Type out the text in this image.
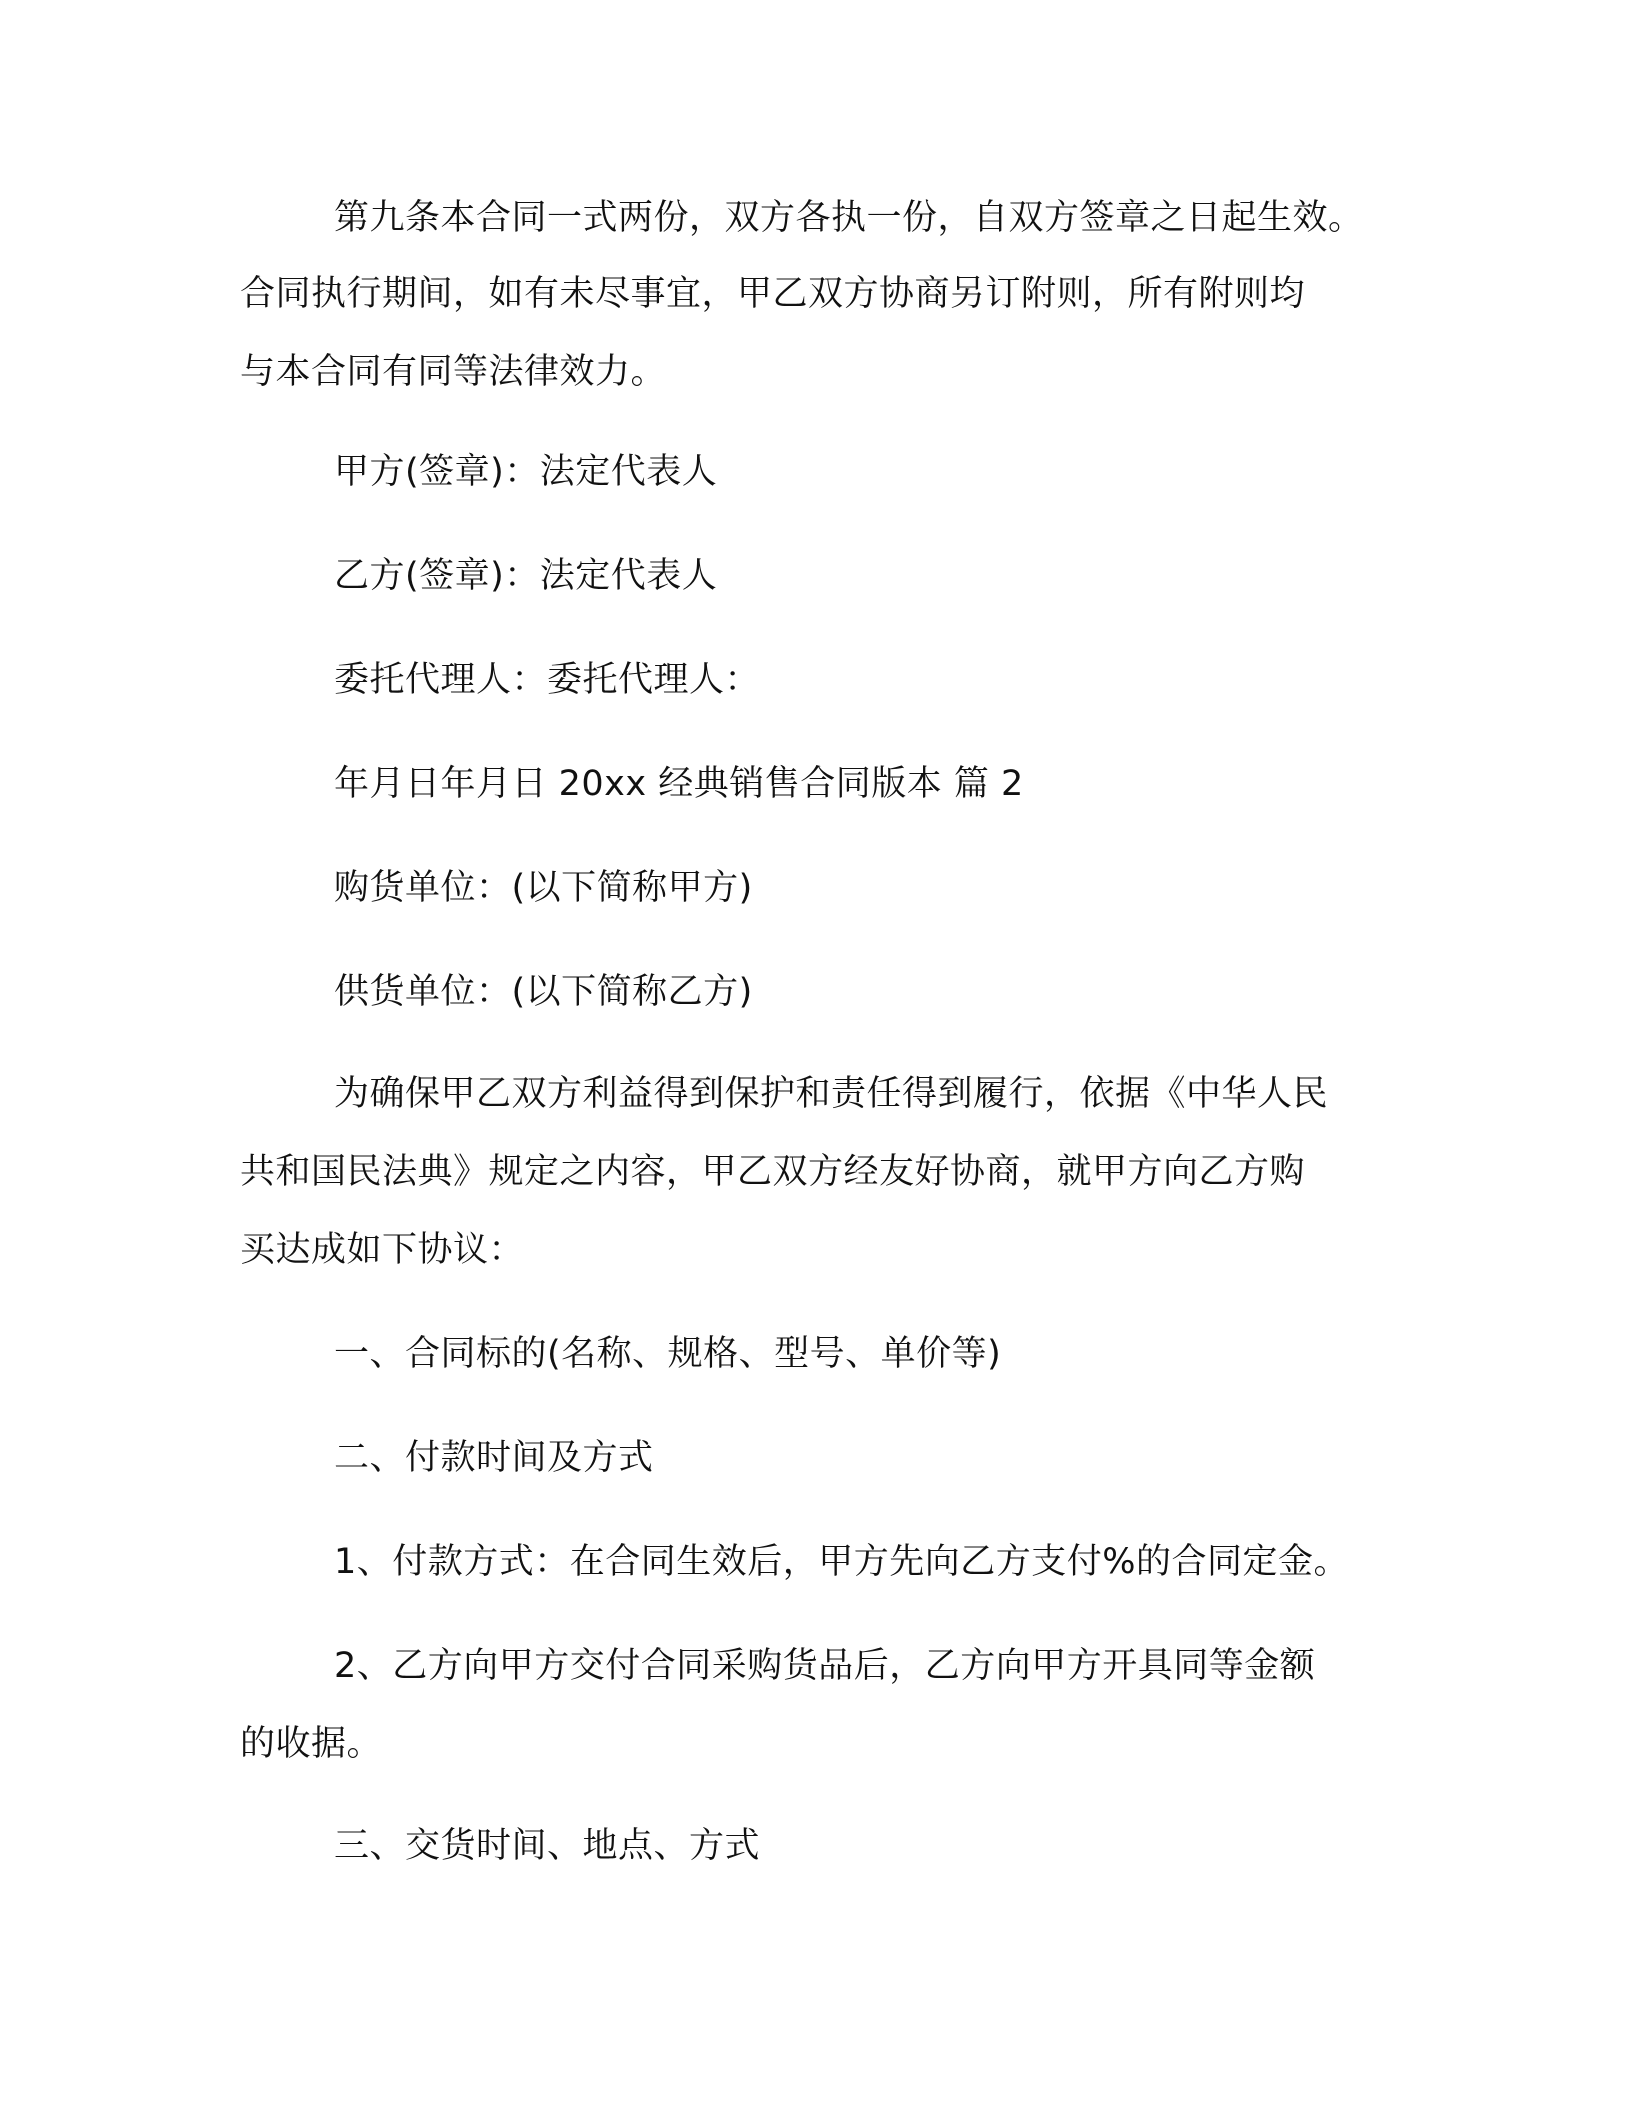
第九条本合同一式两份，双方各执一份，自双方签章之日起生效。
合同执行期间，如有未尽事宜，甲乙双方协商另订附则，所有附则均
与本合同有同等法律效力。
甲方(签章)：法定代表人
乙方(签章)：法定代表人
委托代理人：委托代理人：
年月日年月日 20xx 经典销售合同版本 篇 2
购货单位：(以下简称甲方)
供货单位：(以下简称乙方)
为确保甲乙双方利益得到保护和责任得到履行，依据《中华人民
共和国民法典》规定之内容，甲乙双方经友好协商，就甲方向乙方购
买达成如下协议：
一、合同标的(名称、规格、型号、单价等)
二、付款时间及方式
1、付款方式：在合同生效后，甲方先向乙方支付%的合同定金。
2、乙方向甲方交付合同采购货品后，乙方向甲方开具同等金额
的收据。
三、交货时间、地点、方式
